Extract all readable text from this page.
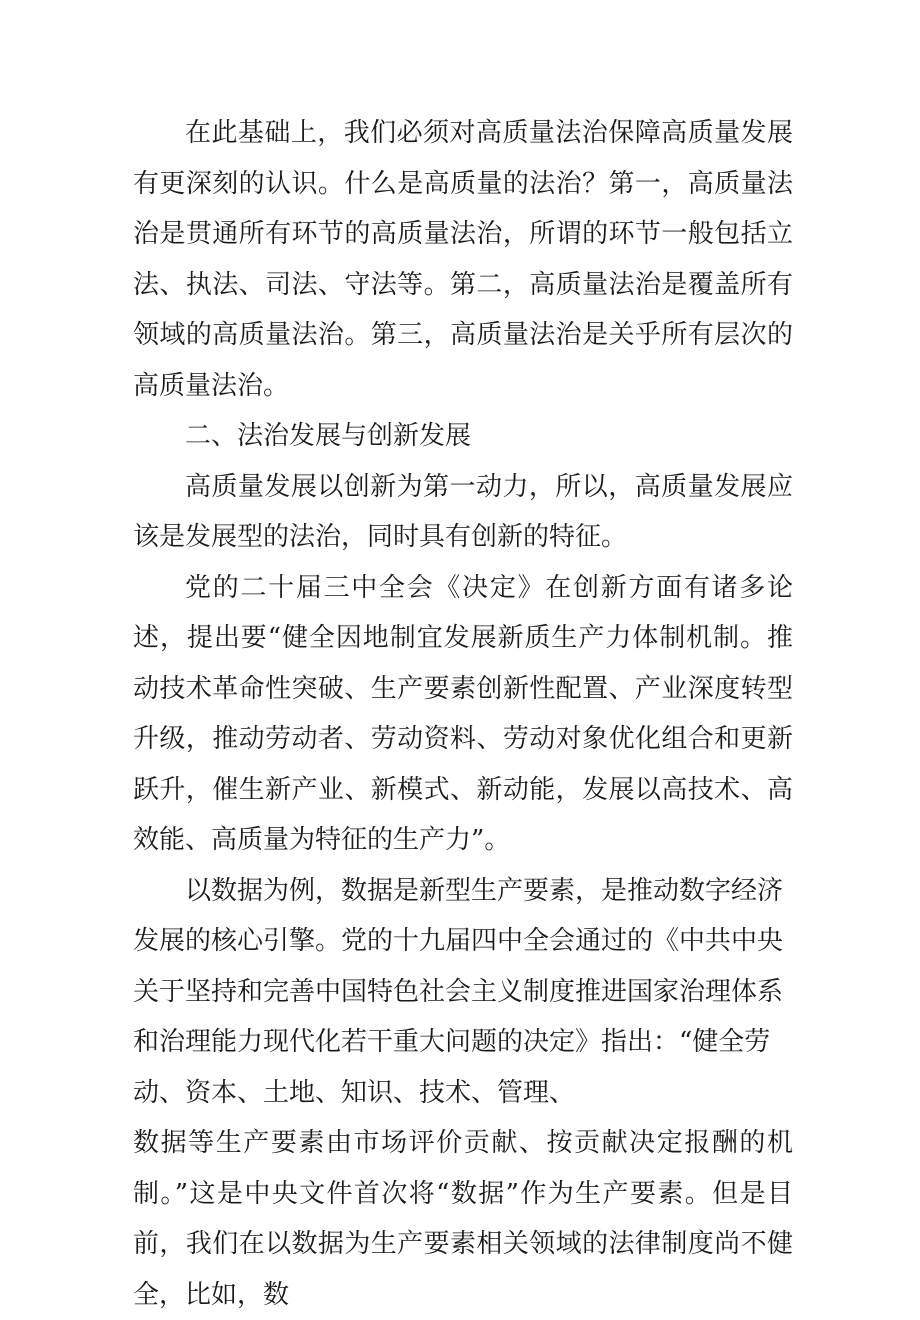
在此基础上，我们必须对高质量法治保障高质量发展有更深刻的认识。什么是高质量的法治？第一，高质量法治是贯通所有环节的高质量法治，所谓的环节一般包括立法、执法、司法、守法等。第二，高质量法治是覆盖所有领域的高质量法治。第三，高质量法治是关乎所有层次的高质量法治。

二、法治发展与创新发展

高质量发展以创新为第一动力，所以，高质量发展应该是发展型的法治，同时具有创新的特征。

党的二十届三中全会《决定》在创新方面有诸多论述，提出要“健全因地制宜发展新质生产力体制机制。推动技术革命性突破、生产要素创新性配置、产业深度转型升级，推动劳动者、劳动资料、劳动对象优化组合和更新跃升，催生新产业、新模式、新动能，发展以高技术、高效能、高质量为特征的生产力”。

以数据为例，数据是新型生产要素，是推动数字经济发展的核心引擎。党的十九届四中全会通过的《中共中央关于坚持和完善中国特色社会主义制度推进国家治理体系和治理能力现代化若干重大问题的决定》指出：“健全劳动、资本、土地、知识、技术、管理、

数据等生产要素由市场评价贡献、按贡献决定报酬的机制。”这是中央文件首次将“数据”作为生产要素。但是目前，我们在以数据为生产要素相关领域的法律制度尚不健全，比如，数
